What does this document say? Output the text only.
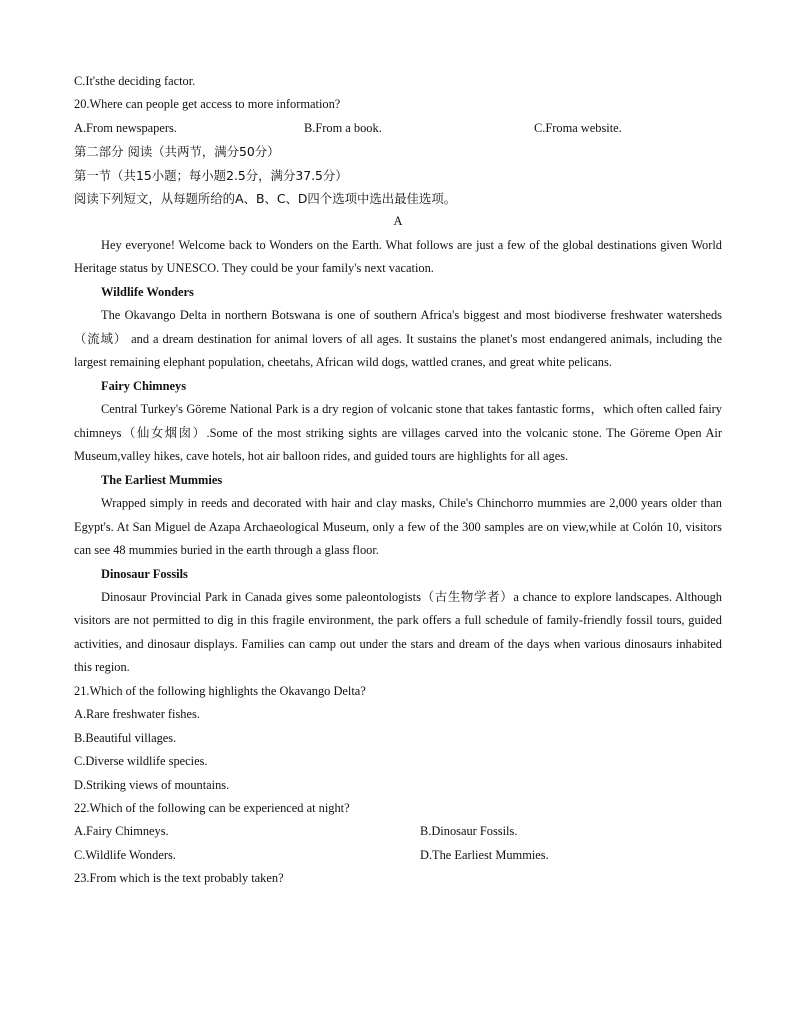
C.It'sthe deciding factor.
20.Where can people get access to more information?
A.From newspapers.	B.From a book.	C.Froma website.
第二部分 阅读（共两节，满分50分）
第一节（共15小题；每小题2.5分，满分37.5分）
阅读下列短文，从每题所给的A、B、C、D四个选项中选出最佳选项。
A
Hey everyone! Welcome back to Wonders on the Earth. What follows are just a few of the global destinations given World Heritage status by UNESCO. They could be your family's next vacation.
Wildlife Wonders
The Okavango Delta in northern Botswana is one of southern Africa's biggest and most biodiverse freshwater watersheds（流域） and a dream destination for animal lovers of all ages. It sustains the planet's most endangered animals, including the largest remaining elephant population, cheetahs, African wild dogs, wattled cranes, and great white pelicans.
Fairy Chimneys
Central Turkey's Göreme National Park is a dry region of volcanic stone that takes fantastic forms，which often called fairy chimneys（仙女烟囱）.Some of the most striking sights are villages carved into the volcanic stone. The Göreme Open Air Museum,valley hikes, cave hotels, hot air balloon rides, and guided tours are highlights for all ages.
The Earliest Mummies
Wrapped simply in reeds and decorated with hair and clay masks, Chile's Chinchorro mummies are 2,000 years older than Egypt's. At San Miguel de Azapa Archaeological Museum, only a few of the 300 samples are on view,while at Colón 10, visitors can see 48 mummies buried in the earth through a glass floor.
Dinosaur Fossils
Dinosaur Provincial Park in Canada gives some paleontologists（古生物学者）a chance to explore landscapes. Although visitors are not permitted to dig in this fragile environment, the park offers a full schedule of family-friendly fossil tours, guided activities, and dinosaur displays. Families can camp out under the stars and dream of the days when various dinosaurs inhabited this region.
21.Which of the following highlights the Okavango Delta?
A.Rare freshwater fishes.
B.Beautiful villages.
C.Diverse wildlife species.
D.Striking views of mountains.
22.Which of the following can be experienced at night?
A.Fairy Chimneys.	B.Dinosaur Fossils.
C.Wildlife Wonders.	D.The Earliest Mummies.
23.From which is the text probably taken?
